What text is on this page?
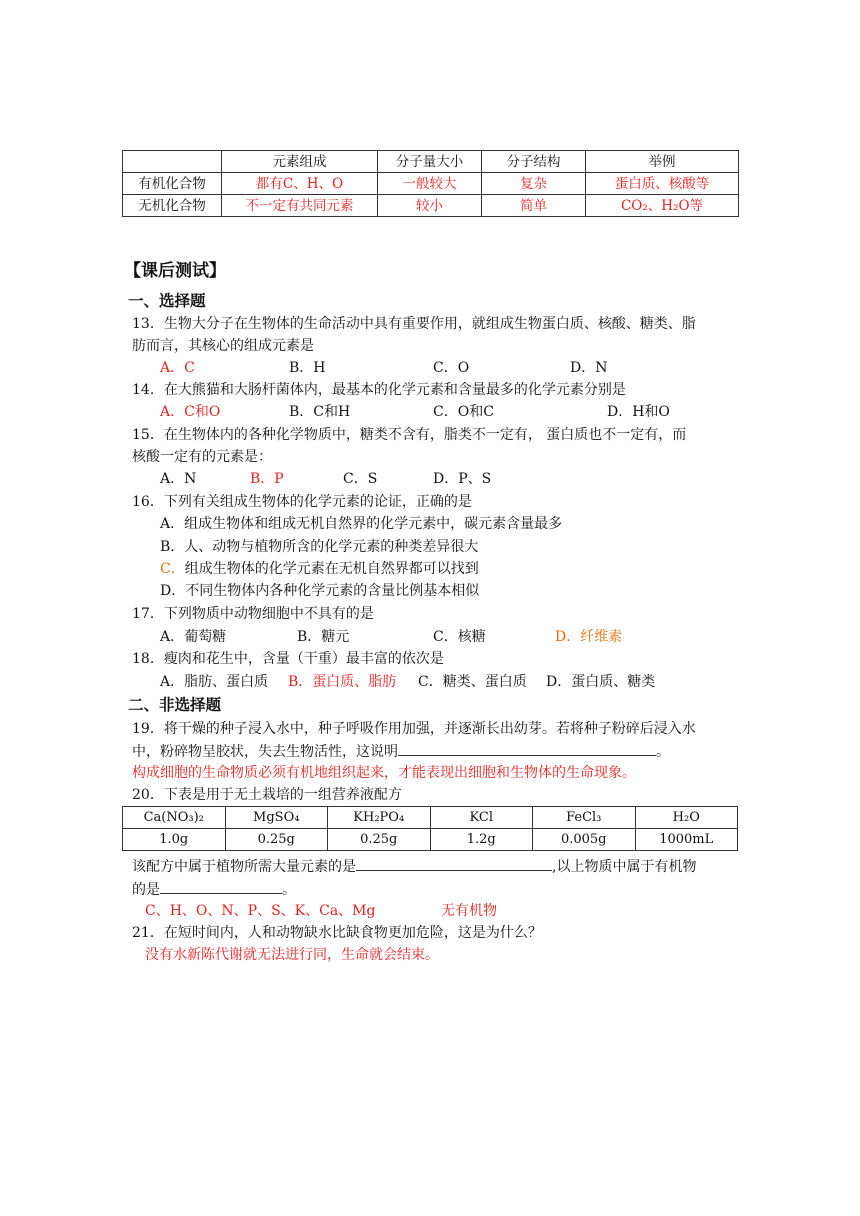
	元素组成	分子量大小	分子结构	举例
有机化合物	都有C、H、O	一般较大	复杂	蛋白质、核酸等
无机化合物	不一定有共同元素	较小	简单	CO₂、H₂O等
【课后测试】
一、选择题
13．生物大分子在生物体的生命活动中具有重要作用，就组成生物蛋白质、核酸、糖类、脂
肪而言，其核心的组成元素是
A．C	B．H	C．O	D．N
14．在大熊猫和大肠杆菌体内，最基本的化学元素和含量最多的化学元素分别是
A．C和O	B．C和H	C．O和C	D．H和O
15．在生物体内的各种化学物质中，糖类不含有，脂类不一定有， 蛋白质也不一定有，而
核酸一定有的元素是：
A．N	B．P	C．S	D．P、S
16．下列有关组成生物体的化学元素的论证，正确的是
A．组成生物体和组成无机自然界的化学元素中，碳元素含量最多
B．人、动物与植物所含的化学元素的种类差异很大
C．组成生物体的化学元素在无机自然界都可以找到
D．不同生物体内各种化学元素的含量比例基本相似
17．下列物质中动物细胞中不具有的是
A．葡萄糖	B．糖元	C．核糖	D．纤维素
18．瘦肉和花生中，含量（干重）最丰富的依次是
A．脂肪、蛋白质 B．蛋白质、脂肪 C．糖类、蛋白质 D．蛋白质、糖类
二、非选择题
19．将干燥的种子浸入水中，种子呼吸作用加强，并逐渐长出幼芽。若将种子粉碎后浸入水
中，粉碎物呈胶状，失去生物活性，这说明	。
构成细胞的生命物质必须有机地组织起来，才能表现出细胞和生物体的生命现象。
20．下表是用于无土栽培的一组营养液配方
Ca(NO₃)₂	MgSO₄	KH₂PO₄	KCl	FeCl₃	H₂O
1.0g	0.25g	0.25g	1.2g	0.005g	1000mL
该配方中属于植物所需大量元素的是	,以上物质中属于有机物
的是	。
C、H、O、N、P、S、K、Ca、Mg	无有机物
21．在短时间内，人和动物缺水比缺食物更加危险，这是为什么？
没有水新陈代谢就无法进行同，生命就会结束。
